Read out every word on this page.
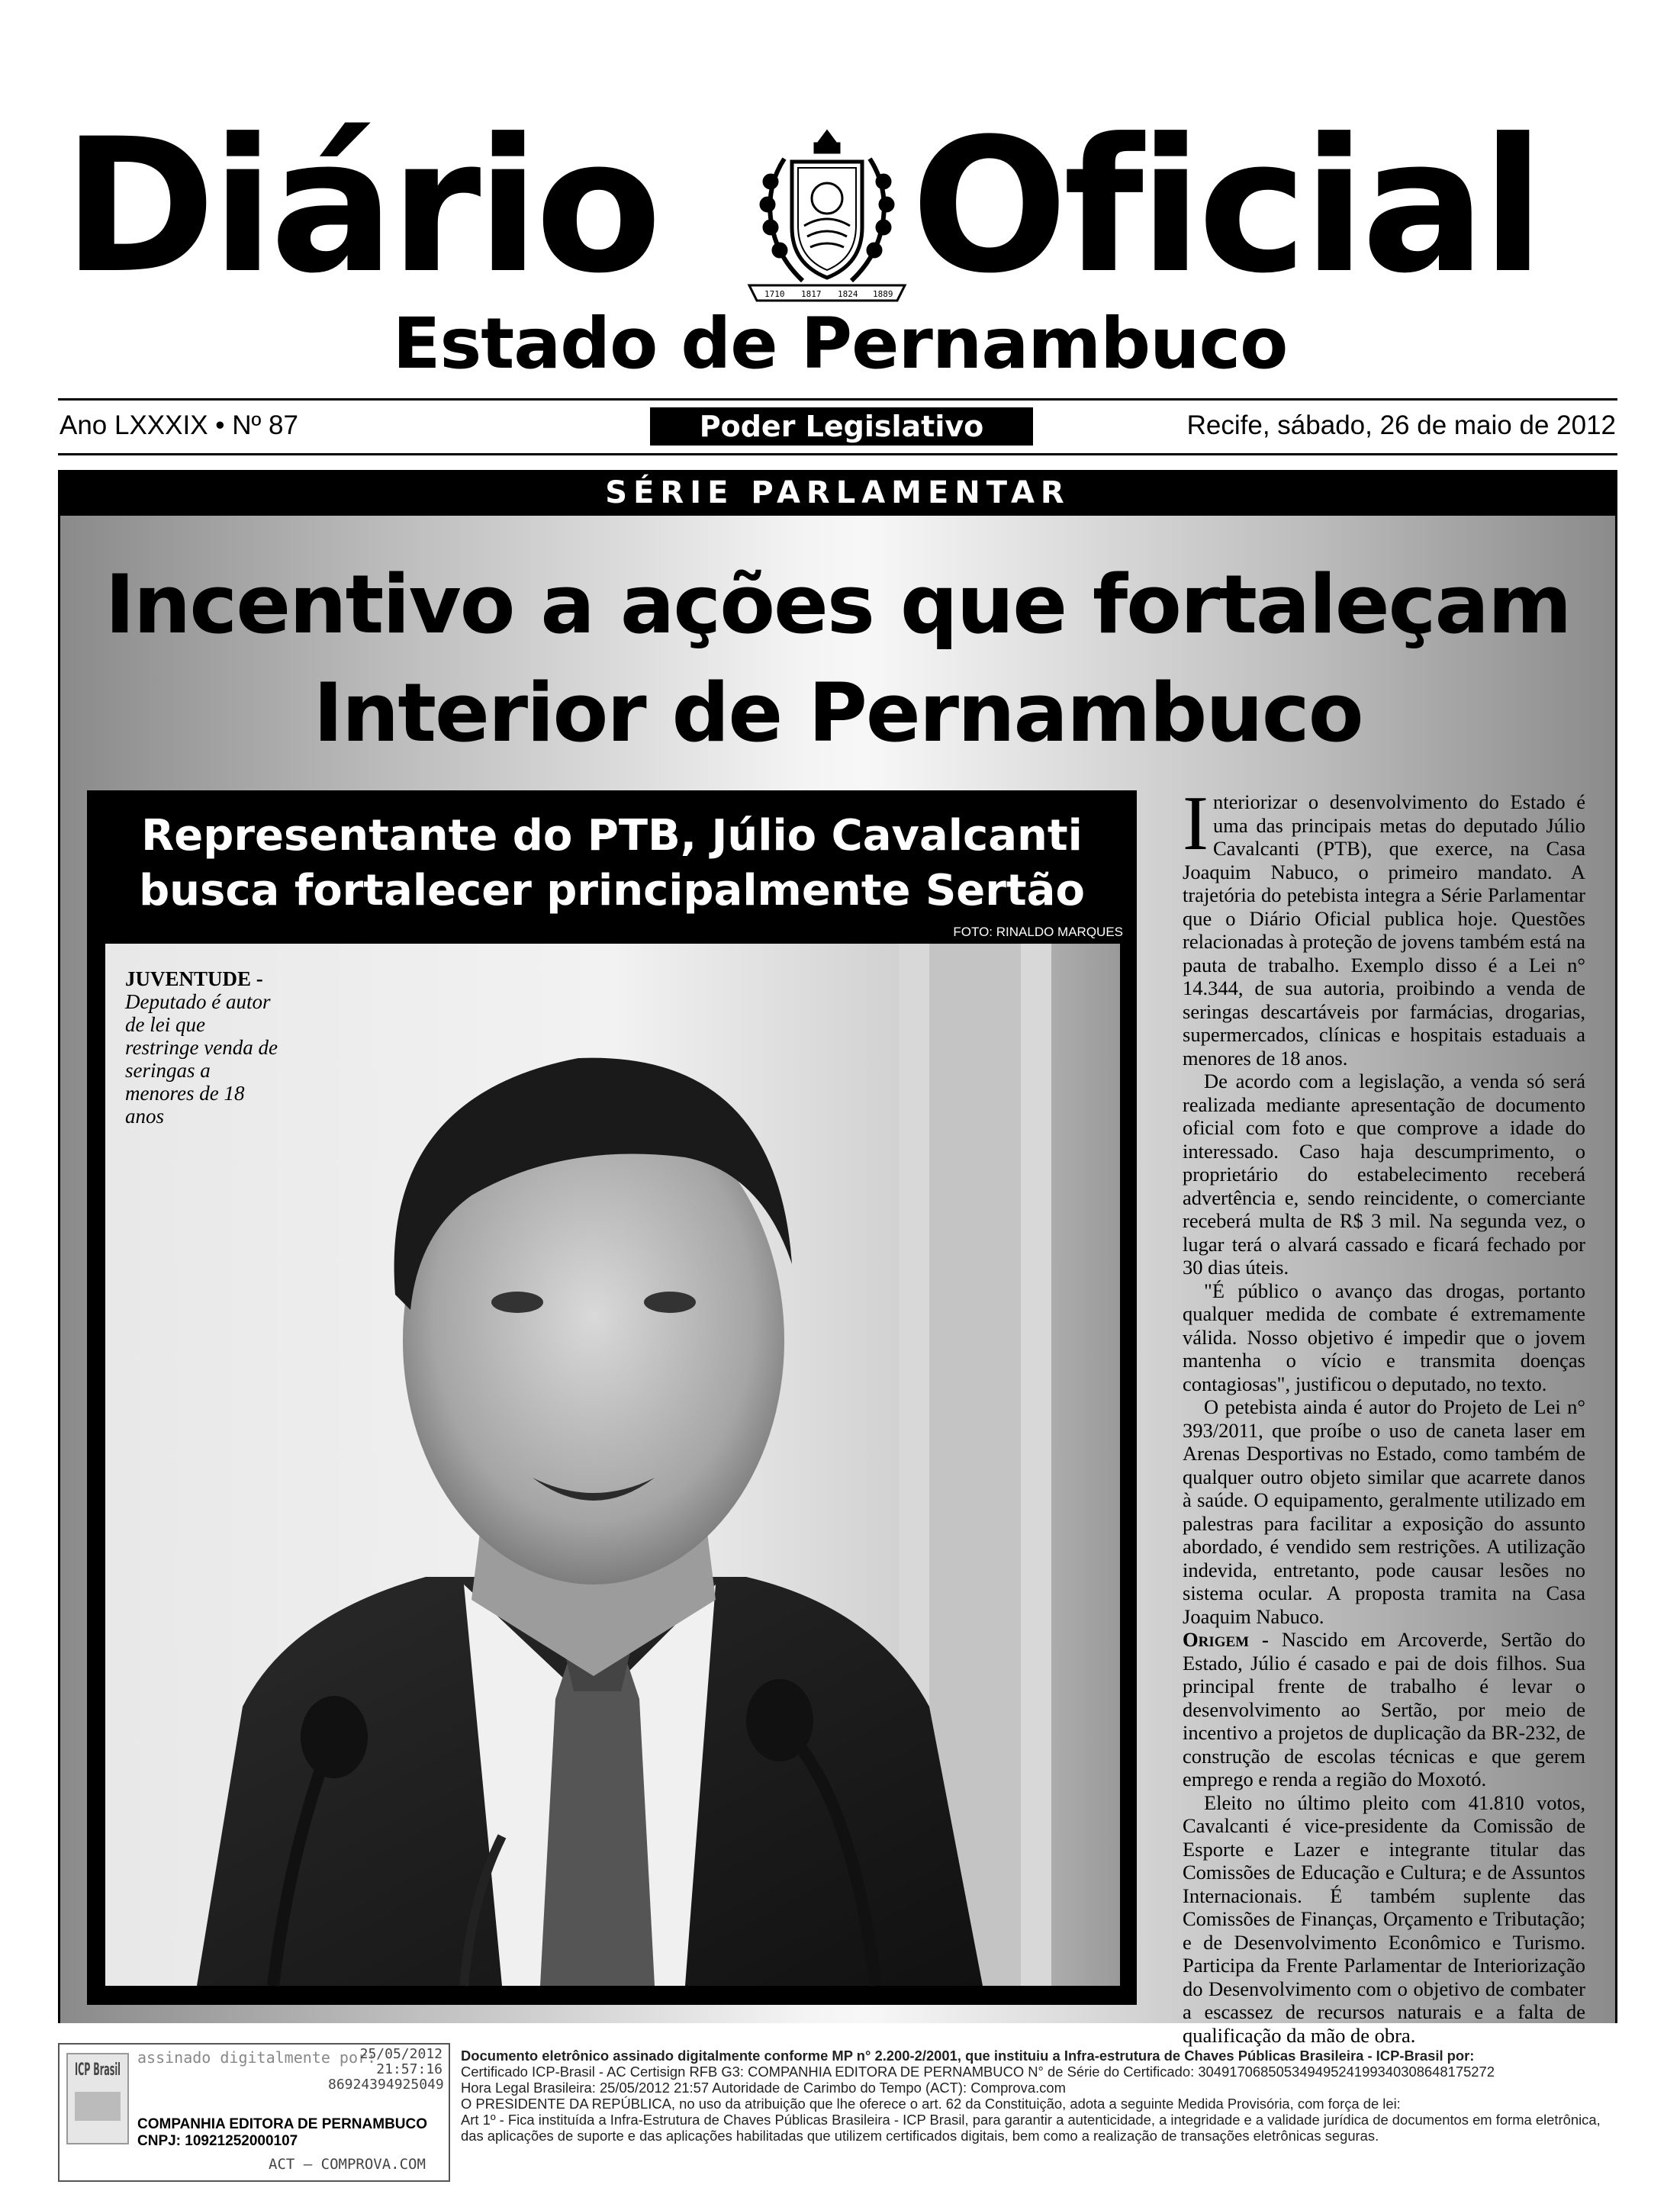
Diário	1710 1817 1824 1889 Oficial
Estado de Pernambuco
Ano LXXXIX • Nº 87	Poder Legislativo	Recife, sábado, 26 de maio de 2012
SÉRIE PARLAMENTAR
Incentivo a ações que fortaleçam
Interior de Pernambuco
Representante do PTB, Júlio Cavalcanti
busca fortalecer principalmente Sertão
FOTO: RINALDO MARQUES
JUVENTUDE -
Deputado é autor de lei que restringe venda de seringas a menores de 18 anos

Interiorizar o desenvolvimento do Estado é uma das principais metas do deputado Júlio Cavalcanti (PTB), que exerce, na Casa Joaquim Nabuco, o primeiro mandato. A trajetória do petebista integra a Série Parlamentar que o Diário Oficial publica hoje. Questões relacionadas à proteção de jovens também está na pauta de trabalho. Exemplo disso é a Lei n° 14.344, de sua autoria, proibindo a venda de seringas descartáveis por farmácias, drogarias, supermercados, clínicas e hospitais estaduais a menores de 18 anos.

De acordo com a legislação, a venda só será realizada mediante apresentação de documento oficial com foto e que comprove a idade do interessado. Caso haja descumprimento, o proprietário do estabelecimento receberá advertência e, sendo reincidente, o comerciante receberá multa de R$ 3 mil. Na segunda vez, o lugar terá o alvará cassado e ficará fechado por 30 dias úteis.

"É público o avanço das drogas, portanto qualquer medida de combate é extremamente válida. Nosso objetivo é impedir que o jovem mantenha o vício e transmita doenças contagiosas", justificou o deputado, no texto.

O petebista ainda é autor do Projeto de Lei n° 393/2011, que proíbe o uso de caneta laser em Arenas Desportivas no Estado, como também de qualquer outro objeto similar que acarrete danos à saúde. O equipamento, geralmente utilizado em palestras para facilitar a exposição do assunto abordado, é vendido sem restrições. A utilização indevida, entretanto, pode causar lesões no sistema ocular. A proposta tramita na Casa Joaquim Nabuco.

Origem - Nascido em Arcoverde, Sertão do Estado, Júlio é casado e pai de dois filhos. Sua principal frente de trabalho é levar o desenvolvimento ao Sertão, por meio de incentivo a projetos de duplicação da BR-232, de construção de escolas técnicas e que gerem emprego e renda a região do Moxotó.

Eleito no último pleito com 41.810 votos, Cavalcanti é vice-presidente da Comissão de Esporte e Lazer e integrante titular das Comissões de Educação e Cultura; e de Assuntos Internacionais. É também suplente das Comissões de Finanças, Orçamento e Tributação; e de Desenvolvimento Econômico e Turismo. Participa da Frente Parlamentar de Interiorização do Desenvolvimento com o objetivo de combater a escassez de recursos naturais e a falta de qualificação da mão de obra.

ICP Brasil
assinado digitalmente por:
25/05/2012
21:57:16
86924394925049
COMPANHIA EDITORA DE PERNAMBUCO
CNPJ: 10921252000107
ACT – COMPROVA.COM
Documento eletrônico assinado digitalmente conforme MP n° 2.200-2/2001, que instituiu a Infra-estrutura de Chaves Públicas Brasileira - ICP-Brasil por:
Certificado ICP-Brasil - AC Certisign RFB G3: COMPANHIA EDITORA DE PERNAMBUCO N° de Série do Certificado: 30491706850534949524199340308648175272
Hora Legal Brasileira: 25/05/2012 21:57 Autoridade de Carimbo do Tempo (ACT): Comprova.com
O PRESIDENTE DA REPÚBLICA, no uso da atribuição que lhe oferece o art. 62 da Constituição, adota a seguinte Medida Provisória, com força de lei:
Art 1º - Fica instituída a Infra-Estrutura de Chaves Públicas Brasileira - ICP Brasil, para garantir a autenticidade, a integridade e a validade jurídica de documentos em forma eletrônica,
das aplicações de suporte e das aplicações habilitadas que utilizem certificados digitais, bem como a realização de transações eletrônicas seguras.
